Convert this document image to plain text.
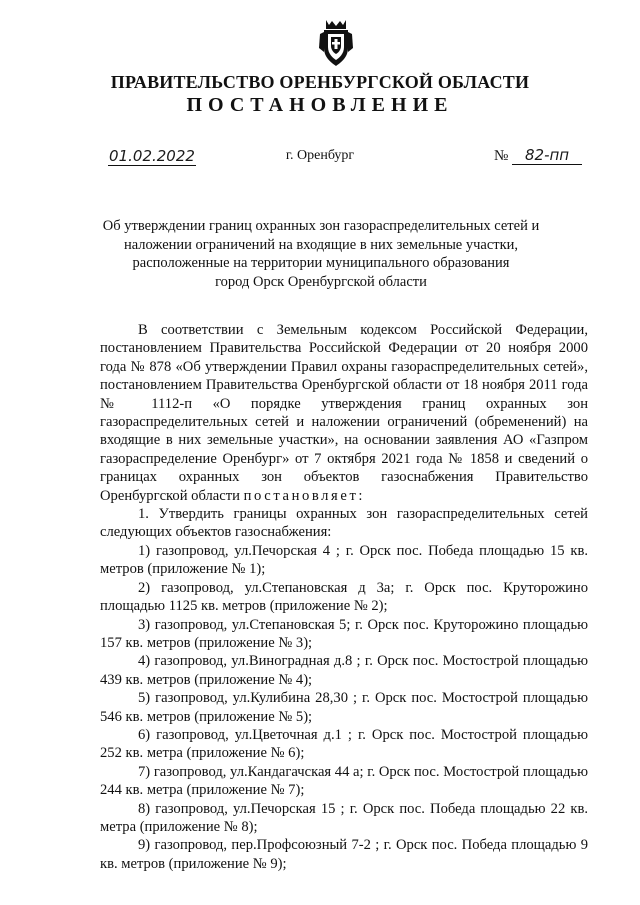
ПРАВИТЕЛЬСТВО ОРЕНБУРГСКОЙ ОБЛАСТИ
ПОСТАНОВЛЕНИЕ
01.02.2022	г. Оренбург	№ 82-пп
Об утверждении границ охранных зон газораспределительных сетей и
наложении ограничений на входящие в них земельные участки,
расположенные на территории муниципального образования
город Орск Оренбургской области

В соответствии с Земельным кодексом Российской Федерации, постановлением Правительства Российской Федерации от 20 ноября 2000 года № 878 «Об утверждении Правил охраны газораспределительных сетей», постановлением Правительства Оренбургской области от 18 ноября 2011 года № 1112-п «О порядке утверждения границ охранных зон газораспределительных сетей и наложении ограничений (обременений) на входящие в них земельные участки», на основании заявления АО «Газпром газораспределение Оренбург» от 7 октября 2021 года № 1858 и сведений о границах охранных зон объектов газоснабжения Правительство Оренбургской области постановляет:

1. Утвердить границы охранных зон газораспределительных сетей следующих объектов газоснабжения:

1) газопровод, ул.Печорская 4 ; г. Орск пос. Победа площадью 15 кв. метров (приложение № 1);

2) газопровод, ул.Степановская д 3а; г. Орск пос. Круторожино площадью 1125 кв. метров (приложение № 2);

3) газопровод, ул.Степановская 5; г. Орск пос. Круторожино площадью 157 кв. метров (приложение № 3);

4) газопровод, ул.Виноградная д.8 ; г. Орск пос. Мостострой площадью 439 кв. метров (приложение № 4);

5) газопровод, ул.Кулибина 28,30 ; г. Орск пос. Мостострой площадью 546 кв. метров (приложение № 5);

6) газопровод, ул.Цветочная д.1 ; г. Орск пос. Мостострой площадью 252 кв. метра (приложение № 6);

7) газопровод, ул.Кандагачская 44 а; г. Орск пос. Мостострой площадью 244 кв. метра (приложение № 7);

8) газопровод, ул.Печорская 15 ; г. Орск пос. Победа площадью 22 кв. метра (приложение № 8);

9) газопровод, пер.Профсоюзный 7-2 ; г. Орск пос. Победа площадью 9 кв. метров (приложение № 9);
